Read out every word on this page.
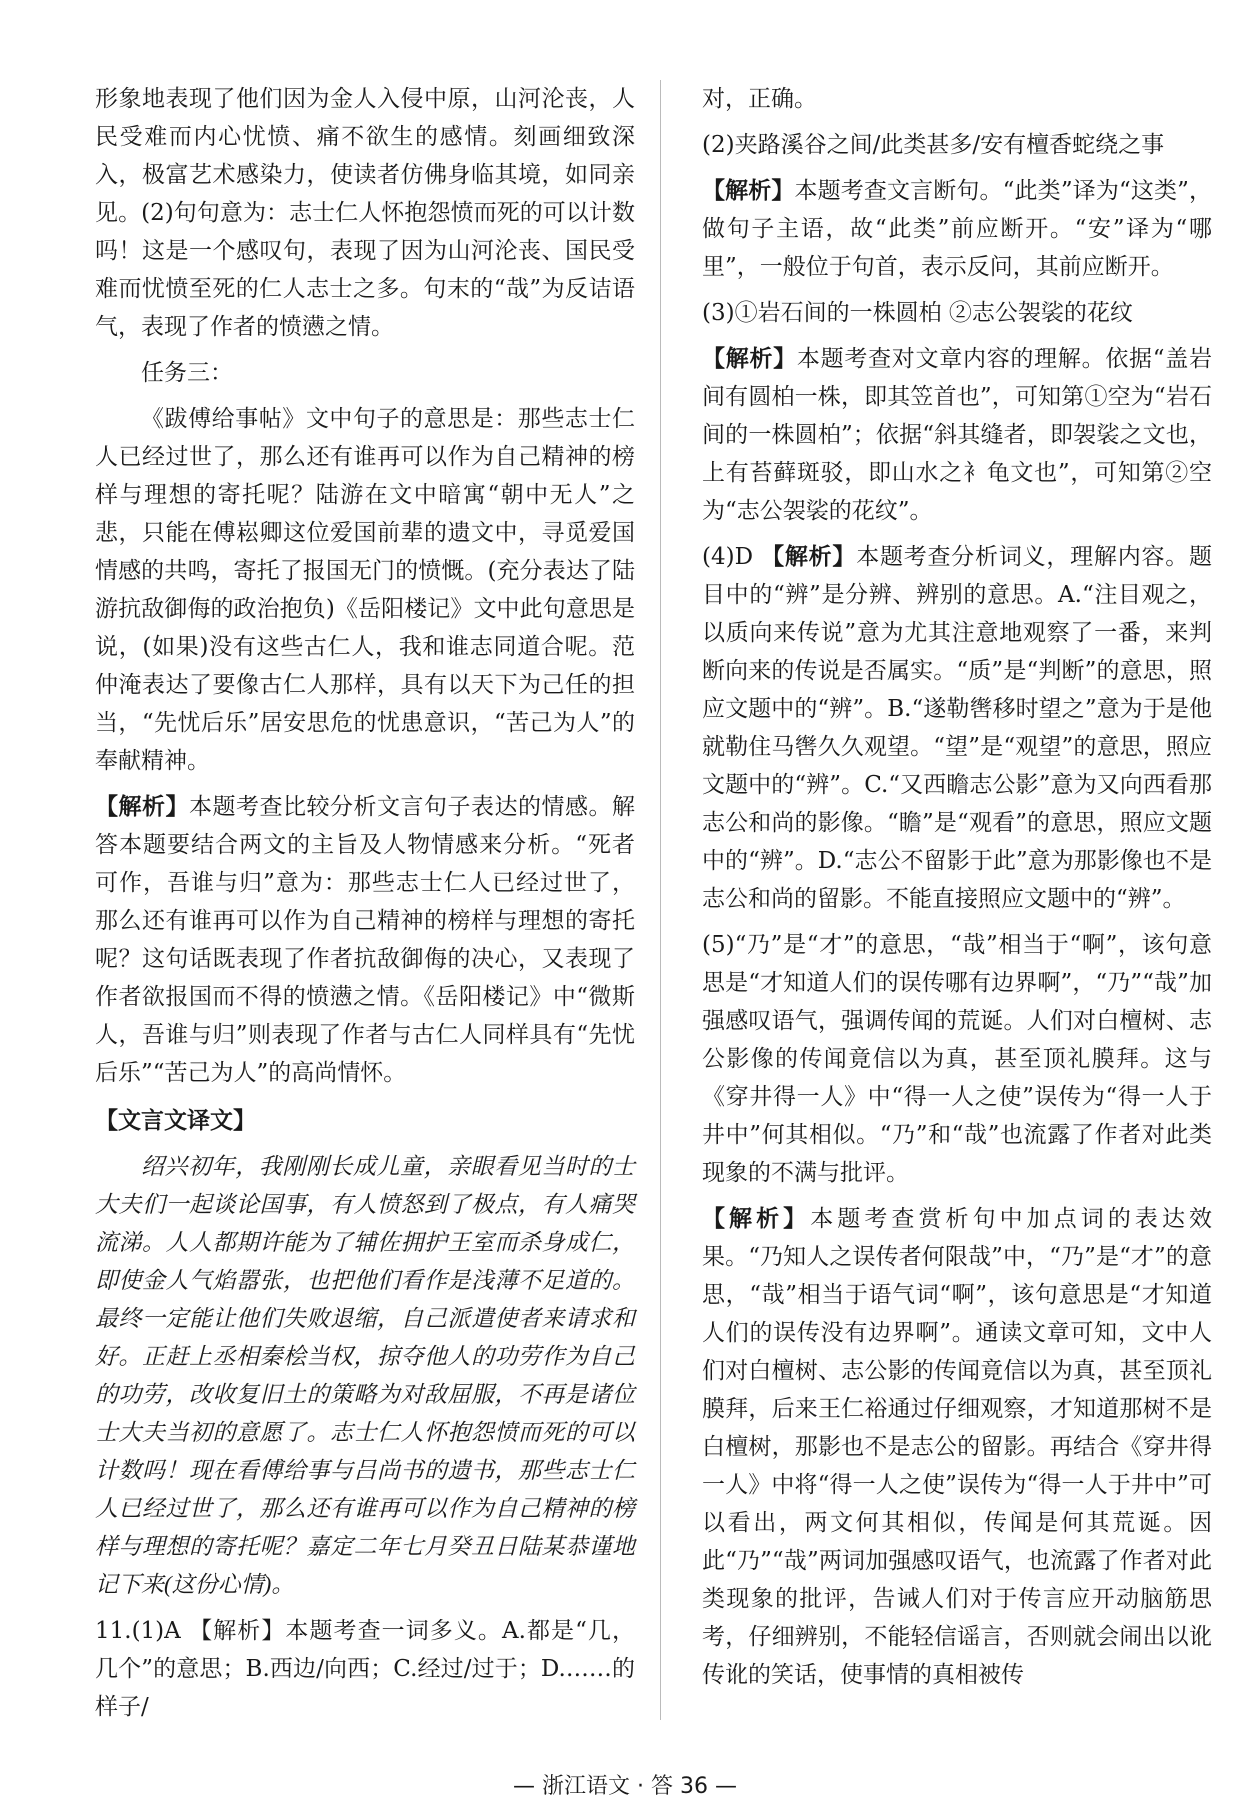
形象地表现了他们因为金人入侵中原，山河沦丧，人民受难而内心忧愤、痛不欲生的感情。刻画细致深入，极富艺术感染力，使读者仿佛身临其境，如同亲见。(2)句句意为：志士仁人怀抱怨愤而死的可以计数吗！这是一个感叹句，表现了因为山河沦丧、国民受难而忧愤至死的仁人志士之多。句末的“哉”为反诘语气，表现了作者的愤懑之情。

任务三：

《跋傅给事帖》文中句子的意思是：那些志士仁人已经过世了，那么还有谁再可以作为自己精神的榜样与理想的寄托呢？陆游在文中暗寓“朝中无人”之悲，只能在傅崧卿这位爱国前辈的遗文中，寻觅爱国情感的共鸣，寄托了报国无门的愤慨。(充分表达了陆游抗敌御侮的政治抱负)《岳阳楼记》文中此句意思是说，(如果)没有这些古仁人，我和谁志同道合呢。范仲淹表达了要像古仁人那样，具有以天下为己任的担当，“先忧后乐”居安思危的忧患意识，“苦己为人”的奉献精神。

【解析】本题考查比较分析文言句子表达的情感。解答本题要结合两文的主旨及人物情感来分析。“死者可作，吾谁与归”意为：那些志士仁人已经过世了，那么还有谁再可以作为自己精神的榜样与理想的寄托呢？这句话既表现了作者抗敌御侮的决心，又表现了作者欲报国而不得的愤懑之情。《岳阳楼记》中“微斯人，吾谁与归”则表现了作者与古仁人同样具有“先忧后乐”“苦己为人”的高尚情怀。

【文言文译文】

绍兴初年，我刚刚长成儿童，亲眼看见当时的士大夫们一起谈论国事，有人愤怒到了极点，有人痛哭流涕。人人都期许能为了辅佐拥护王室而杀身成仁，即使金人气焰嚣张，也把他们看作是浅薄不足道的。最终一定能让他们失败退缩，自己派遣使者来请求和好。正赶上丞相秦桧当权，掠夺他人的功劳作为自己的功劳，改收复旧土的策略为对敌屈服，不再是诸位士大夫当初的意愿了。志士仁人怀抱怨愤而死的可以计数吗！现在看傅给事与吕尚书的遗书，那些志士仁人已经过世了，那么还有谁再可以作为自己精神的榜样与理想的寄托呢？嘉定二年七月癸丑日陆某恭谨地记下来(这份心情)。

11.(1)A 【解析】本题考查一词多义。A.都是“几，几个”的意思；B.西边/向西；C.经过/过于；D.……的样子/

对，正确。

(2)夹路溪谷之间/此类甚多/安有檀香蛇绕之事

【解析】本题考查文言断句。“此类”译为“这类”，做句子主语，故“此类”前应断开。“安”译为“哪里”，一般位于句首，表示反问，其前应断开。

(3)①岩石间的一株圆柏 ②志公袈裟的花纹

【解析】本题考查对文章内容的理解。依据“盖岩间有圆柏一株，即其笠首也”，可知第①空为“岩石间的一株圆柏”；依据“斜其缝者，即袈裟之文也，上有苔藓斑驳，即山水之衤龟文也”，可知第②空为“志公袈裟的花纹”。

(4)D 【解析】本题考查分析词义，理解内容。题目中的“辨”是分辨、辨别的意思。A.“注目观之，以质向来传说”意为尤其注意地观察了一番，来判断向来的传说是否属实。“质”是“判断”的意思，照应文题中的“辨”。B.“遂勒辔移时望之”意为于是他就勒住马辔久久观望。“望”是“观望”的意思，照应文题中的“辨”。C.“又西瞻志公影”意为又向西看那志公和尚的影像。“瞻”是“观看”的意思，照应文题中的“辨”。D.“志公不留影于此”意为那影像也不是志公和尚的留影。不能直接照应文题中的“辨”。

(5)“乃”是“才”的意思，“哉”相当于“啊”，该句意思是“才知道人们的误传哪有边界啊”，“乃”“哉”加强感叹语气，强调传闻的荒诞。人们对白檀树、志公影像的传闻竟信以为真，甚至顶礼膜拜。这与《穿井得一人》中“得一人之使”误传为“得一人于井中”何其相似。“乃”和“哉”也流露了作者对此类现象的不满与批评。

【解析】本题考查赏析句中加点词的表达效果。“乃知人之误传者何限哉”中，“乃”是“才”的意思，“哉”相当于语气词“啊”，该句意思是“才知道人们的误传没有边界啊”。通读文章可知，文中人们对白檀树、志公影的传闻竟信以为真，甚至顶礼膜拜，后来王仁裕通过仔细观察，才知道那树不是白檀树，那影也不是志公的留影。再结合《穿井得一人》中将“得一人之使”误传为“得一人于井中”可以看出，两文何其相似，传闻是何其荒诞。因此“乃”“哉”两词加强感叹语气，也流露了作者对此类现象的批评，告诫人们对于传言应开动脑筋思考，仔细辨别，不能轻信谣言，否则就会闹出以讹传讹的笑话，使事情的真相被传

— 浙江语文 · 答 36 —
